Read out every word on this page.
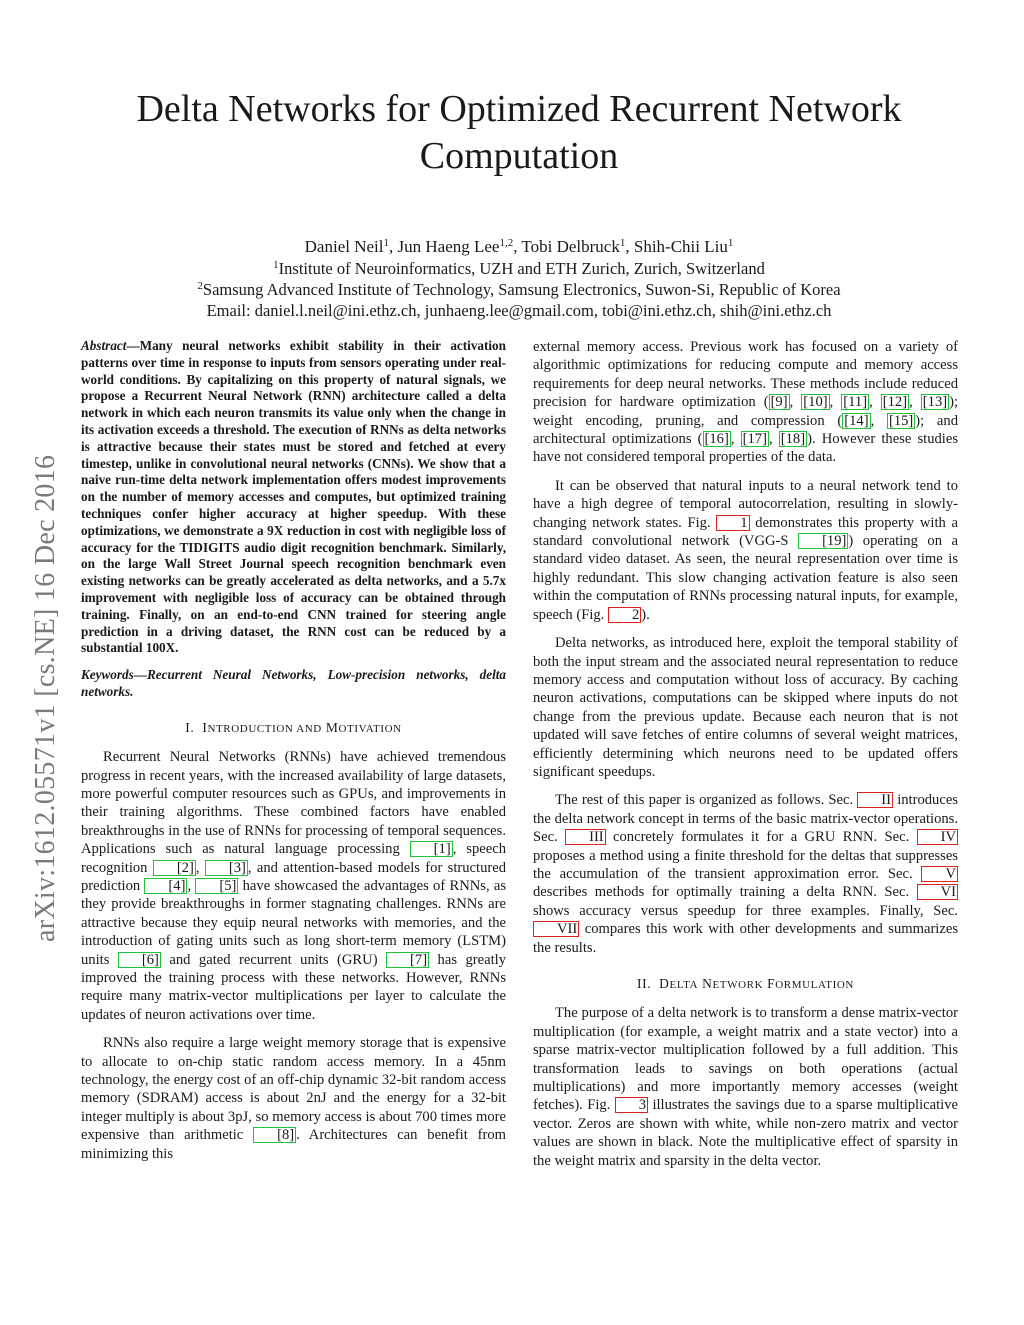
arXiv:1612.05571v1 [cs.NE] 16 Dec 2016
Delta Networks for Optimized Recurrent Network
Computation
Daniel Neil$^1$, Jun Haeng Lee$^{1,2}$, Tobi Delbruck$^1$, Shih-Chii Liu$^1$
$^1$Institute of Neuroinformatics, UZH and ETH Zurich, Zurich, Switzerland
$^2$Samsung Advanced Institute of Technology, Samsung Electronics, Suwon-Si, Republic of Korea
Email: daniel.l.neil@ini.ethz.ch, junhaeng.lee@gmail.com, tobi@ini.ethz.ch, shih@ini.ethz.ch
Abstract—Many neural networks exhibit stability in their activation patterns over time in response to inputs from sensors operating under real-world conditions. By capitalizing on this property of natural signals, we propose a Recurrent Neural Network (RNN) architecture called a delta network in which each neuron transmits its value only when the change in its activation exceeds a threshold. The execution of RNNs as delta networks is attractive because their states must be stored and fetched at every timestep, unlike in convolutional neural networks (CNNs). We show that a naive run-time delta network implementation offers modest improvements on the number of memory accesses and computes, but optimized training techniques confer higher accuracy at higher speedup. With these optimizations, we demonstrate a 9X reduction in cost with negligible loss of accuracy for the TIDIGITS audio digit recognition benchmark. Similarly, on the large Wall Street Journal speech recognition benchmark even existing networks can be greatly accelerated as delta networks, and a 5.7x improvement with negligible loss of accuracy can be obtained through training. Finally, on an end-to-end CNN trained for steering angle prediction in a driving dataset, the RNN cost can be reduced by a substantial 100X.
Keywords—Recurrent Neural Networks, Low-precision networks, delta networks.
I. INTRODUCTION AND MOTIVATION

Recurrent Neural Networks (RNNs) have achieved tremendous progress in recent years, with the increased availability of large datasets, more powerful computer resources such as GPUs, and improvements in their training algorithms. These combined factors have enabled breakthroughs in the use of RNNs for processing of temporal sequences. Applications such as natural language processing [1] , speech recognition [2] , [3] , and attention-based models for structured prediction [4] , [5] have showcased the advantages of RNNs, as they provide breakthroughs in former stagnating challenges. RNNs are attractive because they equip neural networks with memories, and the introduction of gating units such as long short-term memory (LSTM) units [6] and gated recurrent units (GRU) [7] has greatly improved the training process with these networks. However, RNNs require many matrix-vector multiplications per layer to calculate the updates of neuron activations over time.

RNNs also require a large weight memory storage that is expensive to allocate to on-chip static random access memory. In a 45nm technology, the energy cost of an off-chip dynamic 32-bit random access memory (SDRAM) access is about 2nJ and the energy for a 32-bit integer multiply is about 3pJ, so memory access is about 700 times more expensive than arithmetic [8] . Architectures can benefit from minimizing this

external memory access. Previous work has focused on a variety of algorithmic optimizations for reducing compute and memory access requirements for deep neural networks. These methods include reduced precision for hardware optimization ( [9] , [10] , [11] , [12] , [13] ); weight encoding, pruning, and compression ( [14] , [15] ); and architectural optimizations ( [16] , [17] , [18] ). However these studies have not considered temporal properties of the data.

It can be observed that natural inputs to a neural network tend to have a high degree of temporal autocorrelation, resulting in slowly-changing network states. Fig. 1 demonstrates this property with a standard convolutional network (VGG-S [19] ) operating on a standard video dataset. As seen, the neural representation over time is highly redundant. This slow changing activation feature is also seen within the computation of RNNs processing natural inputs, for example, speech (Fig. 2 ).

Delta networks, as introduced here, exploit the temporal stability of both the input stream and the associated neural representation to reduce memory access and computation without loss of accuracy. By caching neuron activations, computations can be skipped where inputs do not change from the previous update. Because each neuron that is not updated will save fetches of entire columns of several weight matrices, efficiently determining which neurons need to be updated offers significant speedups.

The rest of this paper is organized as follows. Sec. II introduces the delta network concept in terms of the basic matrix-vector operations. Sec. III concretely formulates it for a GRU RNN. Sec. IV proposes a method using a finite threshold for the deltas that suppresses the accumulation of the transient approximation error. Sec. V describes methods for optimally training a delta RNN. Sec. VI shows accuracy versus speedup for three examples. Finally, Sec. VII compares this work with other developments and summarizes the results.

II. DELTA NETWORK FORMULATION

The purpose of a delta network is to transform a dense matrix-vector multiplication (for example, a weight matrix and a state vector) into a sparse matrix-vector multiplication followed by a full addition. This transformation leads to savings on both operations (actual multiplications) and more importantly memory accesses (weight fetches). Fig. 3 illustrates the savings due to a sparse multiplicative vector. Zeros are shown with white, while non-zero matrix and vector values are shown in black. Note the multiplicative effect of sparsity in the weight matrix and sparsity in the delta vector.
